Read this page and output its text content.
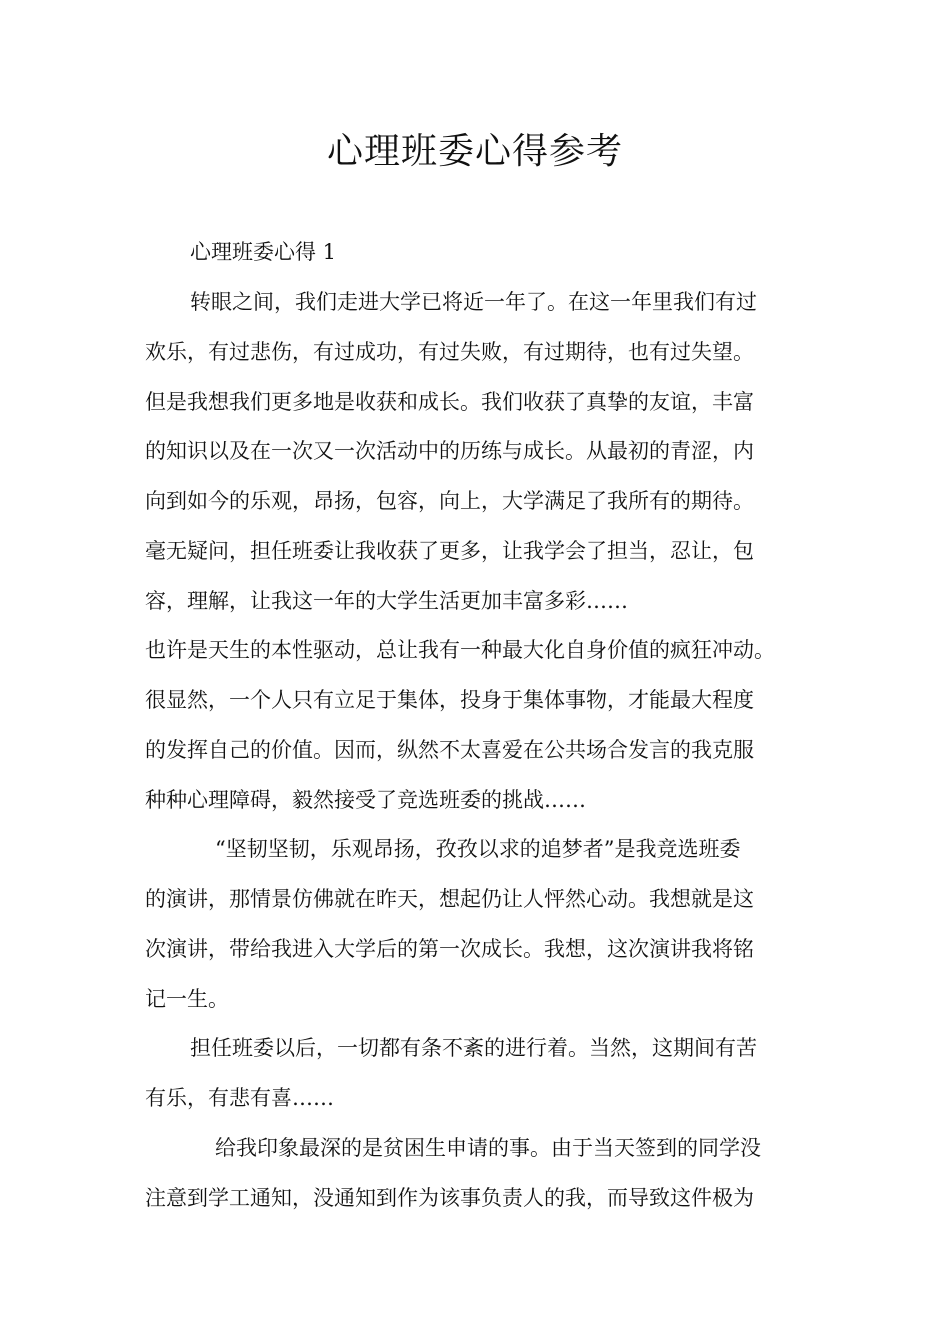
心理班委心得参考

心理班委心得 1

转眼之间，我们走进大学已将近一年了。在这一年里我们有过

欢乐，有过悲伤，有过成功，有过失败，有过期待，也有过失望。

但是我想我们更多地是收获和成长。我们收获了真挚的友谊，丰富

的知识以及在一次又一次活动中的历练与成长。从最初的青涩，内

向到如今的乐观，昂扬，包容，向上，大学满足了我所有的期待。

毫无疑问，担任班委让我收获了更多，让我学会了担当，忍让，包

容，理解，让我这一年的大学生活更加丰富多彩……

也许是天生的本性驱动，总让我有一种最大化自身价值的疯狂冲动。

很显然，一个人只有立足于集体，投身于集体事物，才能最大程度

的发挥自己的价值。因而，纵然不太喜爱在公共场合发言的我克服

种种心理障碍，毅然接受了竞选班委的挑战……

“坚韧坚韧，乐观昂扬，孜孜以求的追梦者”是我竞选班委

的演讲，那情景仿佛就在昨天，想起仍让人怦然心动。我想就是这

次演讲，带给我进入大学后的第一次成长。我想，这次演讲我将铭

记一生。

担任班委以后，一切都有条不紊的进行着。当然，这期间有苦

有乐，有悲有喜……

给我印象最深的是贫困生申请的事。由于当天签到的同学没

注意到学工通知，没通知到作为该事负责人的我，而导致这件极为
